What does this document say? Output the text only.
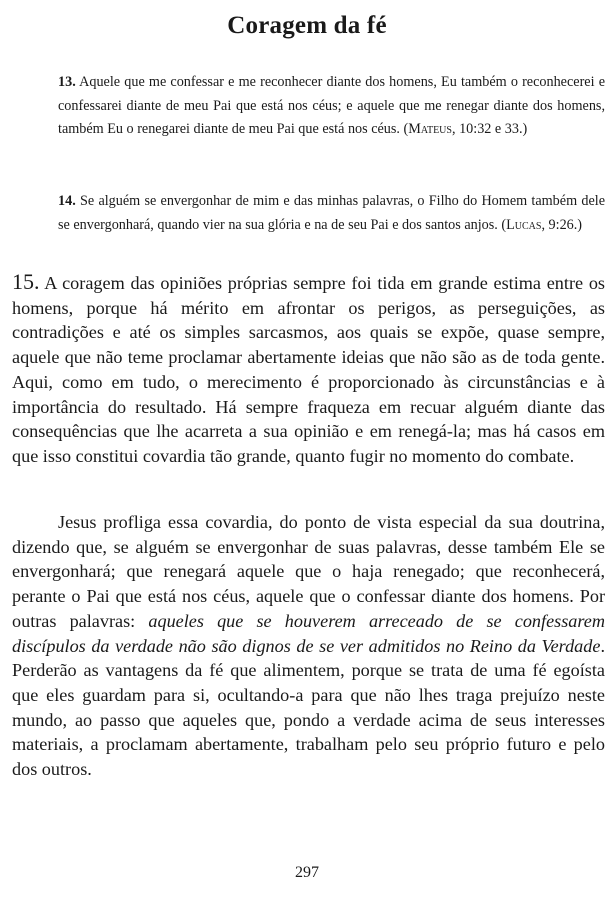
Coragem da fé

13. Aquele que me confessar e me reconhecer diante dos homens, Eu também o reconhecerei e confessarei diante de meu Pai que está nos céus; e aquele que me renegar diante dos homens, também Eu o renegarei diante de meu Pai que está nos céus. (Mateus, 10:32 e 33.)

14. Se alguém se envergonhar de mim e das minhas palavras, o Filho do Homem também dele se envergonhará, quando vier na sua glória e na de seu Pai e dos santos anjos. (Lucas, 9:26.)

15. A coragem das opiniões próprias sempre foi tida em grande estima entre os homens, porque há mérito em afrontar os perigos, as perseguições, as contradições e até os simples sarcasmos, aos quais se expõe, quase sempre, aquele que não teme proclamar abertamente ideias que não são as de toda gente. Aqui, como em tudo, o merecimento é proporcionado às circunstâncias e à importância do resultado. Há sempre fraqueza em recuar alguém diante das consequências que lhe acarreta a sua opinião e em renegá-la; mas há casos em que isso constitui covardia tão grande, quanto fugir no momento do combate.

Jesus profliga essa covardia, do ponto de vista especial da sua doutrina, dizendo que, se alguém se envergonhar de suas palavras, desse também Ele se envergonhará; que renegará aquele que o haja renegado; que reconhecerá, perante o Pai que está nos céus, aquele que o confessar diante dos homens. Por outras palavras: aqueles que se houverem arreceado de se confessarem discípulos da verdade não são dignos de se ver admitidos no Reino da Verdade. Perderão as vantagens da fé que alimentem, porque se trata de uma fé egoísta que eles guardam para si, ocultando-a para que não lhes traga prejuízo neste mundo, ao passo que aqueles que, pondo a verdade acima de seus interesses materiais, a proclamam abertamente, trabalham pelo seu próprio futuro e pelo dos outros.

297
